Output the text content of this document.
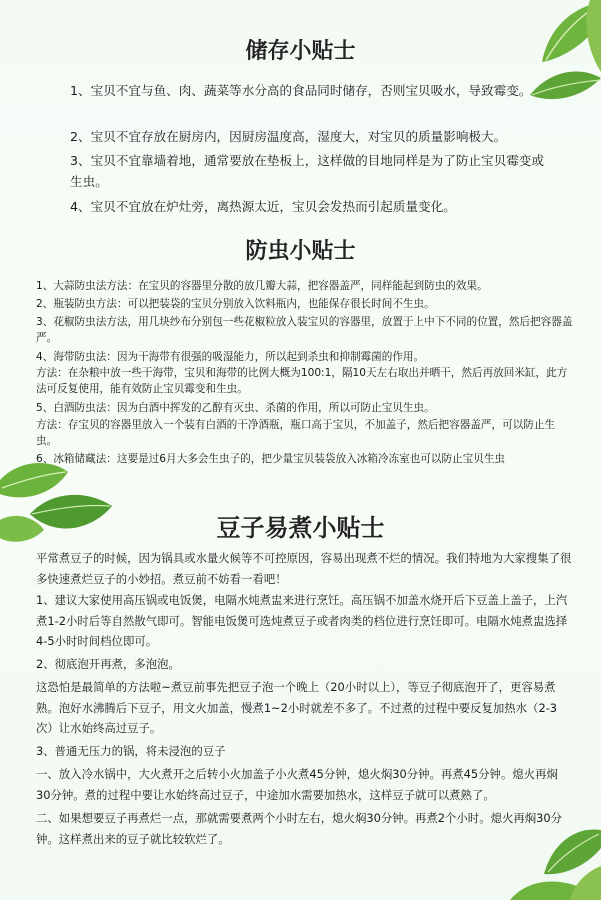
储存小贴士

1、宝贝不宜与鱼、肉、蔬菜等水分高的食品同时储存，否则宝贝吸水，导致霉变。

2、宝贝不宜存放在厨房内，因厨房温度高，湿度大，对宝贝的质量影响极大。

3、宝贝不宜靠墙着地，通常要放在垫板上，这样做的目地同样是为了防止宝贝霉变或生虫。

4、宝贝不宜放在炉灶旁，离热源太近，宝贝会发热而引起质量变化。

防虫小贴士

1、大蒜防虫法方法：在宝贝的容器里分散的放几瓣大蒜，把容器盖严，同样能起到防虫的效果。

2、瓶装防虫方法：可以把装袋的宝贝分别放入饮料瓶内，也能保存很长时间不生虫。

3、花椒防虫法方法，用几块纱布分别包一些花椒粒放入装宝贝的容器里，放置于上中下不同的位置，然后把容器盖严。

4、海带防虫法：因为干海带有很强的吸湿能力，所以起到杀虫和抑制霉菌的作用。

方法：在杂粮中放一些干海带，宝贝和海带的比例大概为100:1，隔10天左右取出并晒干，然后再放回米缸，此方法可反复使用，能有效防止宝贝霉变和生虫。

5、白酒防虫法：因为白酒中挥发的乙醇有灭虫、杀菌的作用，所以可防止宝贝生虫。

方法：存宝贝的容器里放入一个装有白酒的干净酒瓶，瓶口高于宝贝，不加盖子，然后把容器盖严，可以防止生虫。

6、冰箱储藏法：这要是过6月大多会生虫子的，把少量宝贝装袋放入冰箱冷冻室也可以防止宝贝生虫

豆子易煮小贴士

平常煮豆子的时候，因为锅具或水量火候等不可控原因，容易出现煮不烂的情况。我们特地为大家搜集了很多快速煮烂豆子的小妙招。煮豆前不妨看一看吧！

1、建议大家使用高压锅或电饭煲，电隔水炖煮盅来进行烹饪。高压锅不加盖水烧开后下豆盖上盖子，上汽煮1-2小时后等自然散气即可。智能电饭煲可选炖煮豆子或者肉类的档位进行烹饪即可。电隔水炖煮盅选择4-5小时时间档位即可。

2、彻底泡开再煮，多泡泡。

这恐怕是最简单的方法啦~煮豆前事先把豆子泡一个晚上（20小时以上），等豆子彻底泡开了，更容易煮熟。泡好水沸腾后下豆子，用文火加盖，慢煮1~2小时就差不多了。不过煮的过程中要反复加热水（2-3次）让水始终高过豆子。

3、普通无压力的锅，将未浸泡的豆子

一、放入冷水锅中，大火煮开之后转小火加盖子小火煮45分钟，熄火焖30分钟。再煮45分钟。熄火再焖30分钟。煮的过程中要让水始终高过豆子，中途加水需要加热水，这样豆子就可以煮熟了。

二、如果想要豆子再煮烂一点，那就需要煮两个小时左右，熄火焖30分钟。再煮2个小时。熄火再焖30分钟。这样煮出来的豆子就比较软烂了。
